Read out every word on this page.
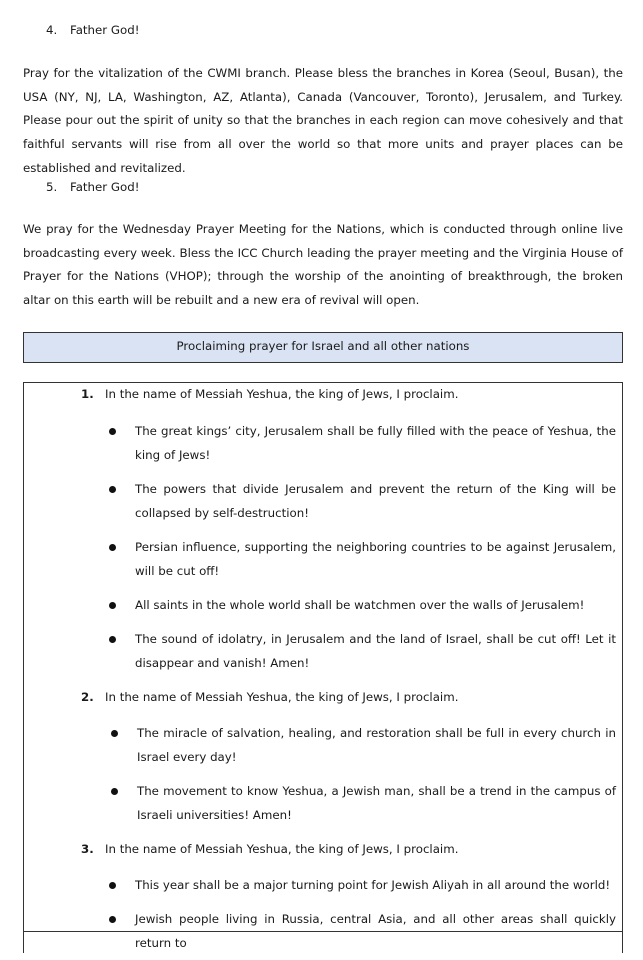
4. Father God!

Pray for the vitalization of the CWMI branch. Please bless the branches in Korea (Seoul, Busan), the USA (NY, NJ, LA, Washington, AZ, Atlanta), Canada (Vancouver, Toronto), Jerusalem, and Turkey. Please pour out the spirit of unity so that the branches in each region can move cohesively and that faithful servants will rise from all over the world so that more units and prayer places can be established and revitalized.

5. Father God!

We pray for the Wednesday Prayer Meeting for the Nations, which is conducted through online live broadcasting every week. Bless the ICC Church leading the prayer meeting and the Virginia House of Prayer for the Nations (VHOP); through the worship of the anointing of breakthrough, the broken altar on this earth will be rebuilt and a new era of revival will open.

Proclaiming prayer for Israel and all other nations
1. In the name of Messiah Yeshua, the king of Jews, I proclaim.
The great kings’ city, Jerusalem shall be fully filled with the peace of Yeshua, the king of Jews!
The powers that divide Jerusalem and prevent the return of the King will be collapsed by self-destruction!
Persian influence, supporting the neighboring countries to be against Jerusalem, will be cut off!
All saints in the whole world shall be watchmen over the walls of Jerusalem!
The sound of idolatry, in Jerusalem and the land of Israel, shall be cut off! Let it disappear and vanish! Amen!
2. In the name of Messiah Yeshua, the king of Jews, I proclaim.
The miracle of salvation, healing, and restoration shall be full in every church in Israel every day!
The movement to know Yeshua, a Jewish man, shall be a trend in the campus of Israeli universities! Amen!
3. In the name of Messiah Yeshua, the king of Jews, I proclaim.
This year shall be a major turning point for Jewish Aliyah in all around the world!
Jewish people living in Russia, central Asia, and all other areas shall quickly return to
